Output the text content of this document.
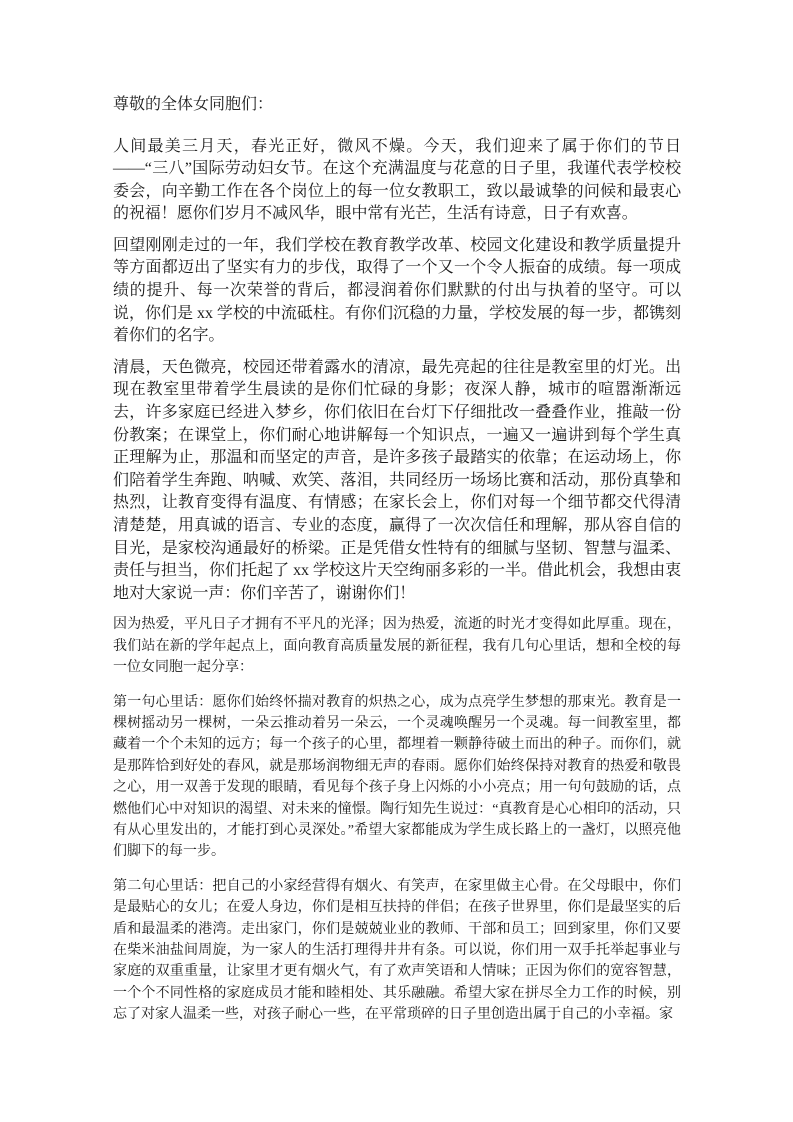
尊敬的全体女同胞们：

人间最美三月天，春光正好，微风不燥。今天，我们迎来了属于你们的节日——“三八”国际劳动妇女节。在这个充满温度与花意的日子里，我谨代表学校校委会，向辛勤工作在各个岗位上的每一位女教职工，致以最诚挚的问候和最衷心的祝福！愿你们岁月不减风华，眼中常有光芒，生活有诗意，日子有欢喜。

回望刚刚走过的一年，我们学校在教育教学改革、校园文化建设和教学质量提升等方面都迈出了坚实有力的步伐，取得了一个又一个令人振奋的成绩。每一项成绩的提升、每一次荣誉的背后，都浸润着你们默默的付出与执着的坚守。可以说，你们是 xx 学校的中流砥柱。有你们沉稳的力量，学校发展的每一步，都镌刻着你们的名字。

清晨，天色微亮，校园还带着露水的清凉，最先亮起的往往是教室里的灯光。出现在教室里带着学生晨读的是你们忙碌的身影；夜深人静，城市的喧嚣渐渐远去，许多家庭已经进入梦乡，你们依旧在台灯下仔细批改一叠叠作业，推敲一份份教案；在课堂上，你们耐心地讲解每一个知识点，一遍又一遍讲到每个学生真正理解为止，那温和而坚定的声音，是许多孩子最踏实的依靠；在运动场上，你们陪着学生奔跑、呐喊、欢笑、落泪，共同经历一场场比赛和活动，那份真挚和热烈，让教育变得有温度、有情感；在家长会上，你们对每一个细节都交代得清清楚楚，用真诚的语言、专业的态度，赢得了一次次信任和理解，那从容自信的目光，是家校沟通最好的桥梁。正是凭借女性特有的细腻与坚韧、智慧与温柔、责任与担当，你们托起了 xx 学校这片天空绚丽多彩的一半。借此机会，我想由衷地对大家说一声：你们辛苦了，谢谢你们！

因为热爱，平凡日子才拥有不平凡的光泽；因为热爱，流逝的时光才变得如此厚重。现在，我们站在新的学年起点上，面向教育高质量发展的新征程，我有几句心里话，想和全校的每一位女同胞一起分享：

第一句心里话：愿你们始终怀揣对教育的炽热之心，成为点亮学生梦想的那束光。教育是一棵树摇动另一棵树，一朵云推动着另一朵云，一个灵魂唤醒另一个灵魂。每一间教室里，都藏着一个个未知的远方；每一个孩子的心里，都埋着一颗静待破土而出的种子。而你们，就是那阵恰到好处的春风，就是那场润物细无声的春雨。愿你们始终保持对教育的热爱和敬畏之心，用一双善于发现的眼睛，看见每个孩子身上闪烁的小小亮点；用一句句鼓励的话，点燃他们心中对知识的渴望、对未来的憧憬。陶行知先生说过：“真教育是心心相印的活动，只有从心里发出的，才能打到心灵深处。”希望大家都能成为学生成长路上的一盏灯，以照亮他们脚下的每一步。

第二句心里话：把自己的小家经营得有烟火、有笑声，在家里做主心骨。在父母眼中，你们是最贴心的女儿；在爱人身边，你们是相互扶持的伴侣；在孩子世界里，你们是最坚实的后盾和最温柔的港湾。走出家门，你们是兢兢业业的教师、干部和员工；回到家里，你们又要在柴米油盐间周旋，为一家人的生活打理得井井有条。可以说，你们用一双手托举起事业与家庭的双重重量，让家里才更有烟火气，有了欢声笑语和人情味；正因为你们的宽容智慧，一个个不同性格的家庭成员才能和睦相处、其乐融融。希望大家在拼尽全力工作的时候，别忘了对家人温柔一些，对孩子耐心一些，在平常琐碎的日子里创造出属于自己的小幸福。家
